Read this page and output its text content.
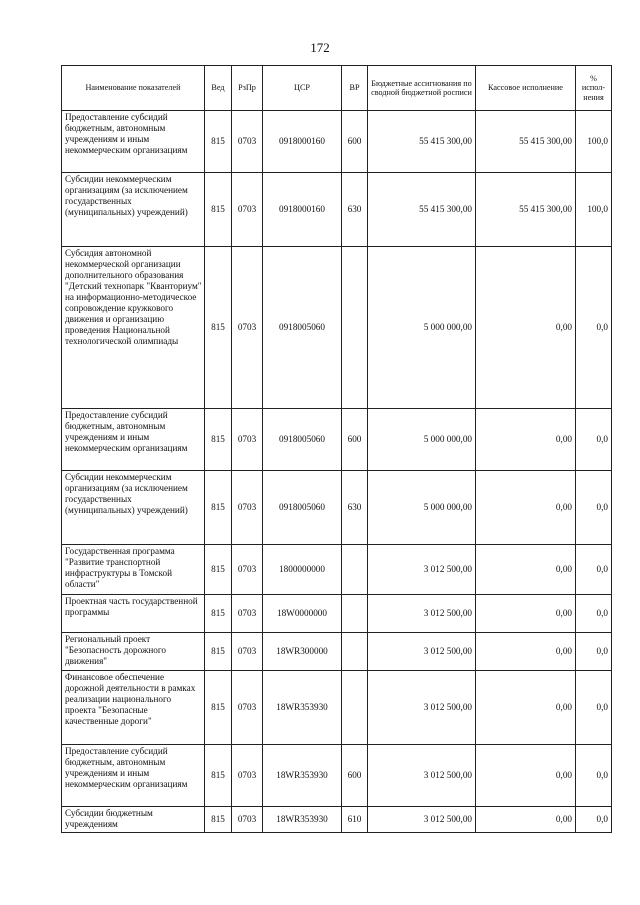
172
Наименование показателей	Вед	РзПр	ЦСР	ВР	Бюджетные ассигнования по сводной бюджетной росписи	Кассовое исполнение	% испол-нения
Предоставление субсидий бюджетным, автономным учреждениям и иным некоммерческим организациям	815	0703	0918000160	600	55 415 300,00	55 415 300,00	100,0
Субсидии некоммерческим организациям (за исключением государственных (муниципальных) учреждений)	815	0703	0918000160	630	55 415 300,00	55 415 300,00	100,0
Субсидия автономной некоммерческой организации дополнительного образования "Детский технопарк "Кванториум" на информационно-методическое сопровождение кружкового движения и организацию проведения Национальной технологической олимпиады	815	0703	0918005060		5 000 000,00	0,00	0,0
Предоставление субсидий бюджетным, автономным учреждениям и иным некоммерческим организациям	815	0703	0918005060	600	5 000 000,00	0,00	0,0
Субсидии некоммерческим организациям (за исключением государственных (муниципальных) учреждений)	815	0703	0918005060	630	5 000 000,00	0,00	0,0
Государственная программа "Развитие транспортной инфраструктуры в Томской области"	815	0703	1800000000		3 012 500,00	0,00	0,0
Проектная часть государственной программы	815	0703	18W0000000		3 012 500,00	0,00	0,0
Региональный проект "Безопасность дорожного движения"	815	0703	18WR300000		3 012 500,00	0,00	0,0
Финансовое обеспечение дорожной деятельности в рамках реализации национального проекта "Безопасные качественные дороги"	815	0703	18WR353930		3 012 500,00	0,00	0,0
Предоставление субсидий бюджетным, автономным учреждениям и иным некоммерческим организациям	815	0703	18WR353930	600	3 012 500,00	0,00	0,0
Субсидии бюджетным учреждениям	815	0703	18WR353930	610	3 012 500,00	0,00	0,0
